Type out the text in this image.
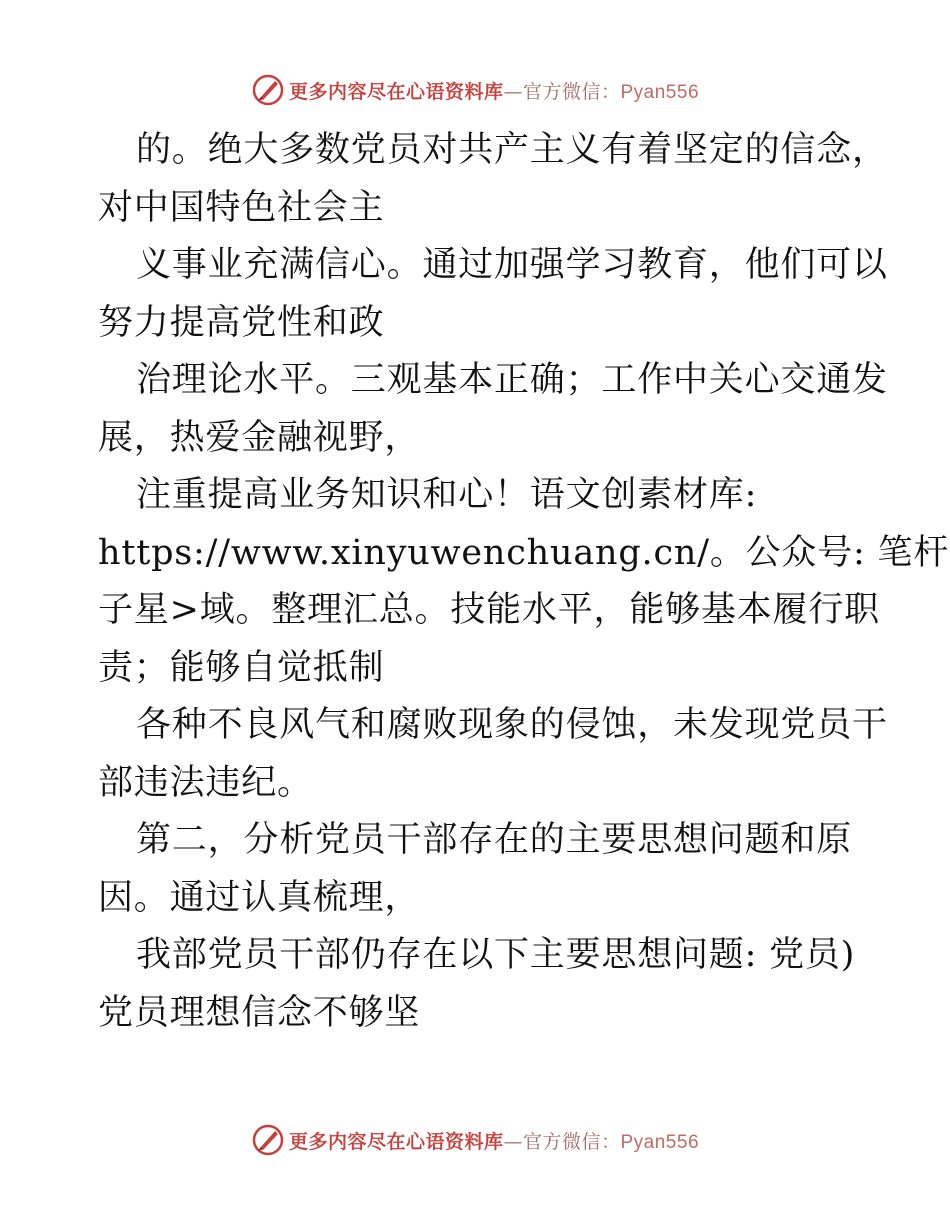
更多内容尽在心语资料库—官方微信：Pyan556
的。绝大多数党员对共产主义有着坚定的信念，
对中国特色社会主
义事业充满信心。通过加强学习教育，他们可以
努力提高党性和政
治理论水平。三观基本正确；工作中关心交通发
展，热爱金融视野，
注重提高业务知识和心！语文创素材库:
https://www.xinyuwenchuang.cn/。公众号: 笔杆
子星>域。整理汇总。技能水平，能够基本履行职
责；能够自觉抵制
各种不良风气和腐败现象的侵蚀，未发现党员干
部违法违纪。
第二，分析党员干部存在的主要思想问题和原
因。通过认真梳理，
我部党员干部仍存在以下主要思想问题: 党员)
党员理想信念不够坚
更多内容尽在心语资料库—官方微信：Pyan556
